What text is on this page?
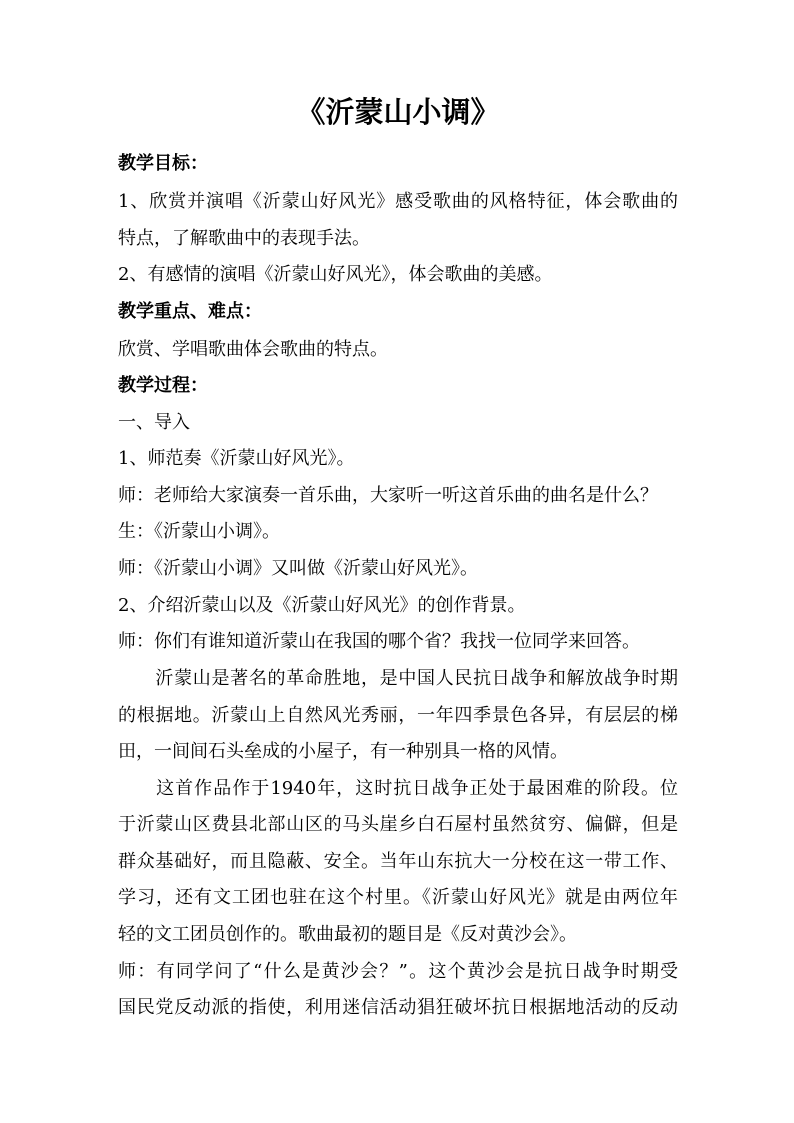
《沂蒙山小调》
教学目标：
1、欣赏并演唱《沂蒙山好风光》感受歌曲的风格特征，体会歌曲的
特点，了解歌曲中的表现手法。
2、有感情的演唱《沂蒙山好风光》，体会歌曲的美感。
教学重点、难点：
欣赏、学唱歌曲体会歌曲的特点。
教学过程：
一、导入
1、师范奏《沂蒙山好风光》。
师：老师给大家演奏一首乐曲，大家听一听这首乐曲的曲名是什么？
生：《沂蒙山小调》。
师：《沂蒙山小调》又叫做《沂蒙山好风光》。
2、介绍沂蒙山以及《沂蒙山好风光》的创作背景。
师：你们有谁知道沂蒙山在我国的哪个省？我找一位同学来回答。
　　沂蒙山是著名的革命胜地，是中国人民抗日战争和解放战争时期
的根据地。沂蒙山上自然风光秀丽，一年四季景色各异，有层层的梯
田，一间间石头垒成的小屋子，有一种别具一格的风情。
　　这首作品作于1940年，这时抗日战争正处于最困难的阶段。位
于沂蒙山区费县北部山区的马头崖乡白石屋村虽然贫穷、偏僻，但是
群众基础好，而且隐蔽、安全。当年山东抗大一分校在这一带工作、
学习，还有文工团也驻在这个村里。《沂蒙山好风光》就是由两位年
轻的文工团员创作的。歌曲最初的题目是《反对黄沙会》。
师：有同学问了“什么是黄沙会？”。这个黄沙会是抗日战争时期受
国民党反动派的指使，利用迷信活动猖狂破坏抗日根据地活动的反动
